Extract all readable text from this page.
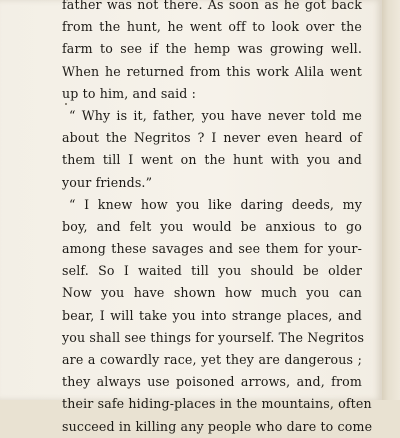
father was not there. As soon as he got back
from the hunt, he went off to look over the
farm to see if the hemp was growing well.
When he returned from this work Alila went
up to him, and said :
“ Why is it, father, you have never told me
about the Negritos ? I never even heard of
them till I went on the hunt with you and
your friends.”
“ I knew how you like daring deeds, my
boy, and felt you would be anxious to go
among these savages and see them for your-
self. So I waited till you should be older
Now you have shown how much you can
bear, I will take you into strange places, and
you shall see things for yourself. The Negritos
are a cowardly race, yet they are dangerous ;
they always use poisoned arrows, and, from
their safe hiding-places in the mountains, often
succeed in killing any people who dare to come
